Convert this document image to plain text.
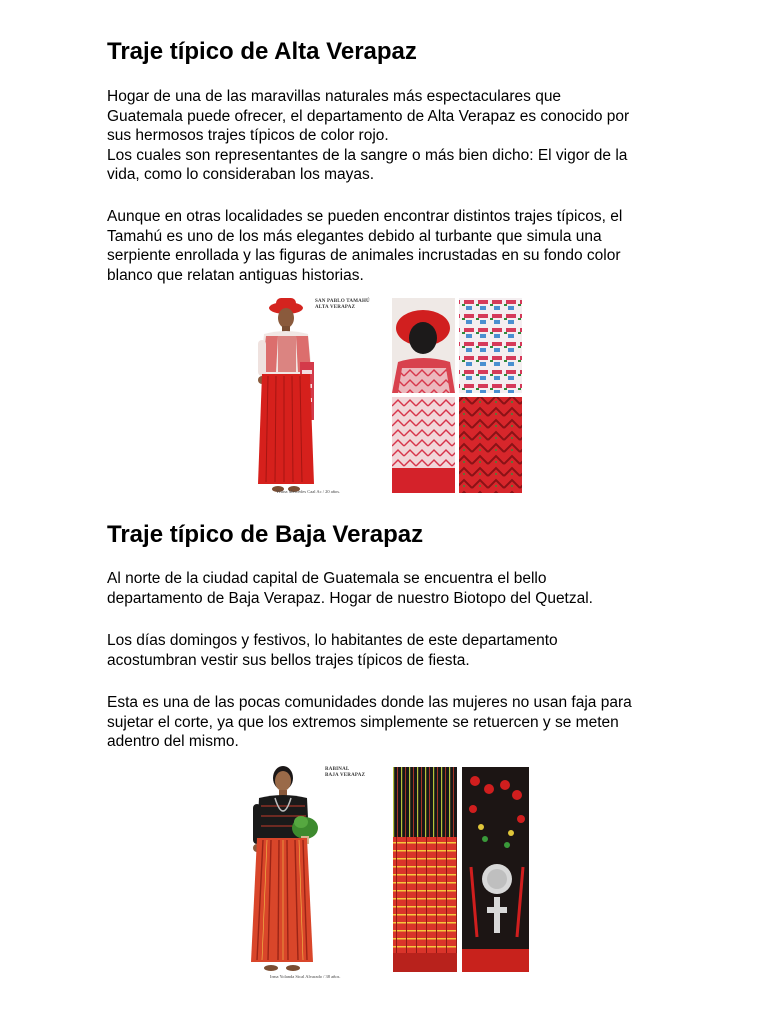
Traje típico de Alta Verapaz

Hogar de una de las maravillas naturales más espectaculares que
Guatemala puede ofrecer, el departamento de Alta Verapaz es conocido por
sus hermosos trajes típicos de color rojo.
Los cuales son representantes de la sangre o más bien dicho: El vigor de la
vida, como lo consideraban los mayas.

Aunque en otras localidades se pueden encontrar distintos trajes típicos, el
Tamahú es uno de los más elegantes debido al turbante que simula una
serpiente enrollada y las figuras de animales incrustadas en su fondo color
blanco que relatan antiguas historias.

SAN PABLO TAMAHÚ
ALTA VERAPAZ
Yelina Mercedes Caal Ac / 20 años.
Traje típico de Baja Verapaz

Al norte de la ciudad capital de Guatemala se encuentra el bello
departamento de Baja Verapaz. Hogar de nuestro Biotopo del Quetzal.

Los días domingos y festivos, lo habitantes de este departamento
acostumbran vestir sus bellos trajes típicos de fiesta.

Esta es una de las pocas comunidades donde las mujeres no usan faja para
sujetar el corte, ya que los extremos simplemente se retuercen y se meten
adentro del mismo.

RABINAL
BAJA VERAPAZ
Irma Yolanda Sical Alvarado / 38 años.
